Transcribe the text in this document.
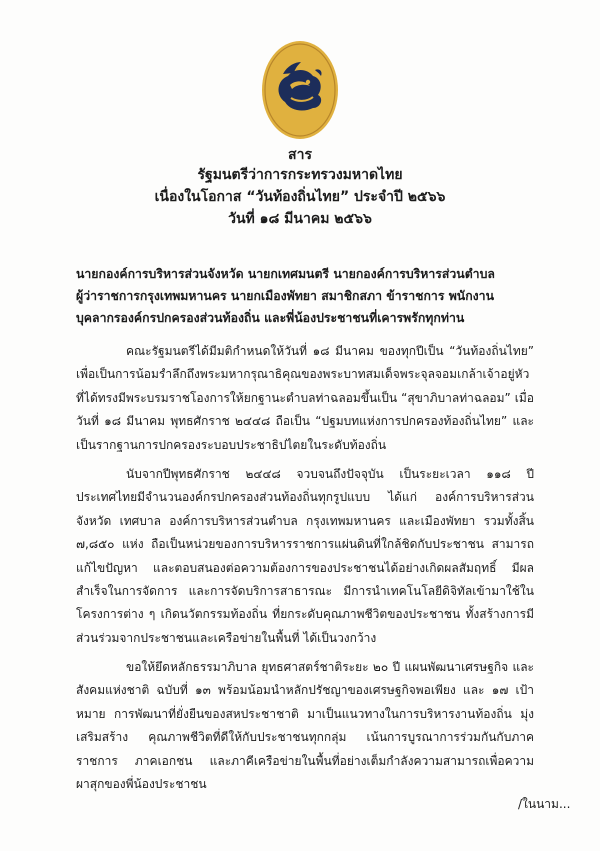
สาร
รัฐมนตรีว่าการกระทรวงมหาดไทย
เนื่องในโอกาส “วันท้องถิ่นไทย” ประจำปี ๒๕๖๖
วันที่ ๑๘ มีนาคม ๒๕๖๖
นายกองค์การบริหารส่วนจังหวัด นายกเทศมนตรี นายกองค์การบริหารส่วนตำบล
ผู้ว่าราชการกรุงเทพมหานคร นายกเมืองพัทยา สมาชิกสภา ข้าราชการ พนักงาน
บุคลากรองค์กรปกครองส่วนท้องถิ่น และพี่น้องประชาชนที่เคารพรักทุกท่าน
คณะรัฐมนตรีได้มีมติกำหนดให้วันที่ ๑๘ มีนาคม ของทุกปีเป็น “วันท้องถิ่นไทย” เพื่อเป็นการน้อมรำลึกถึงพระมหากรุณาธิคุณของพระบาทสมเด็จพระจุลจอมเกล้าเจ้าอยู่หัว ที่ได้ทรงมีพระบรมราชโองการให้ยกฐานะตำบลท่าฉลอมขึ้นเป็น “สุขาภิบาลท่าฉลอม” เมื่อวันที่ ๑๘ มีนาคม พุทธศักราช ๒๔๔๘ ถือเป็น “ปฐมบทแห่งการปกครองท้องถิ่นไทย” และเป็นรากฐานการปกครองระบอบประชาธิปไตยในระดับท้องถิ่น
นับจากปีพุทธศักราช ๒๔๔๘ จวบจนถึงปัจจุบัน เป็นระยะเวลา ๑๑๘ ปี ประเทศไทยมีจำนวนองค์กรปกครองส่วนท้องถิ่นทุกรูปแบบ ได้แก่ องค์การบริหารส่วนจังหวัด เทศบาล องค์การบริหารส่วนตำบล กรุงเทพมหานคร และเมืองพัทยา รวมทั้งสิ้น ๗,๘๕๐ แห่ง ถือเป็นหน่วยของการบริหารราชการแผ่นดินที่ใกล้ชิดกับประชาชน สามารถแก้ไขปัญหา และตอบสนองต่อความต้องการของประชาชนได้อย่างเกิดผลสัมฤทธิ์ มีผลสำเร็จในการจัดการ และการจัดบริการสาธารณะ มีการนำเทคโนโลยีดิจิทัลเข้ามาใช้ในโครงการต่าง ๆ เกิดนวัตกรรมท้องถิ่น ที่ยกระดับคุณภาพชีวิตของประชาชน ทั้งสร้างการมีส่วนร่วมจากประชาชนและเครือข่ายในพื้นที่ ได้เป็นวงกว้าง
ขอให้ยึดหลักธรรมาภิบาล ยุทธศาสตร์ชาติระยะ ๒๐ ปี แผนพัฒนาเศรษฐกิจ และสังคมแห่งชาติ ฉบับที่ ๑๓ พร้อมน้อมนำหลักปรัชญาของเศรษฐกิจพอเพียง และ ๑๗ เป้าหมาย การพัฒนาที่ยั่งยืนของสหประชาชาติ มาเป็นแนวทางในการบริหารงานท้องถิ่น มุ่งเสริมสร้าง คุณภาพชีวิตที่ดีให้กับประชาชนทุกกลุ่ม เน้นการบูรณาการร่วมกันกับภาคราชการ ภาคเอกชน และภาคีเครือข่ายในพื้นที่อย่างเต็มกำลังความสามารถเพื่อความผาสุกของพี่น้องประชาชน
/ในนาม...
